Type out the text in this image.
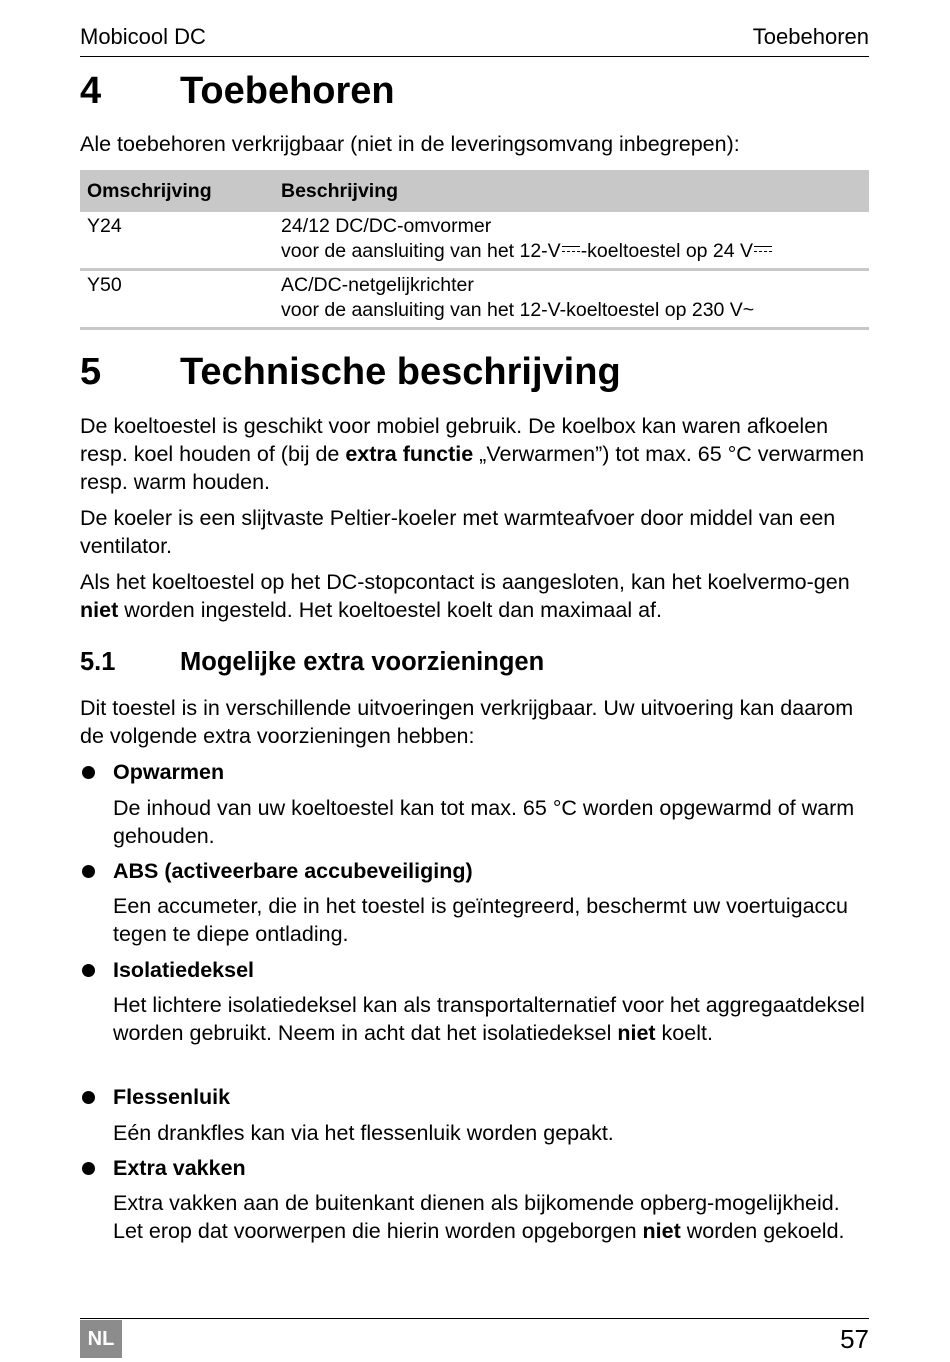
Mobicool DC	Toebehoren
4 Toebehoren

Ale toebehoren verkrijgbaar (niet in de leveringsomvang inbegrepen):

Omschrijving	Beschrijving
Y24	24/12 DC/DC-omvormer
voor de aansluiting van het 12-V -koeltoestel op 24 V

Y50	AC/DC-netgelijkrichter
voor de aansluiting van het 12-V-koeltoestel op 230 V~
5 Technische beschrijving

De koeltoestel is geschikt voor mobiel gebruik. De koelbox kan waren afkoelen resp. koel houden of (bij de extra functie „Verwarmen”) tot max. 65 °C verwarmen resp. warm houden.

De koeler is een slijtvaste Peltier-koeler met warmteafvoer door middel van een ventilator.

Als het koeltoestel op het DC-stopcontact is aangesloten, kan het koelvermo-gen niet worden ingesteld. Het koeltoestel koelt dan maximaal af.

5.1	Mogelijke extra voorzieningen

Dit toestel is in verschillende uitvoeringen verkrijgbaar. Uw uitvoering kan daarom de volgende extra voorzieningen hebben:

Opwarmen
De inhoud van uw koeltoestel kan tot max. 65 °C worden opgewarmd of warm gehouden.
ABS (activeerbare accubeveiliging)
Een accumeter, die in het toestel is geïntegreerd, beschermt uw voertuigaccu tegen te diepe ontlading.
Isolatiedeksel
Het lichtere isolatiedeksel kan als transportalternatief voor het aggregaatdeksel worden gebruikt. Neem in acht dat het isolatiedeksel niet koelt.
Flessenluik
Eén drankfles kan via het flessenluik worden gepakt.
Extra vakken
Extra vakken aan de buitenkant dienen als bijkomende opberg-mogelijkheid. Let erop dat voorwerpen die hierin worden opgeborgen niet worden gekoeld.
NL	57
